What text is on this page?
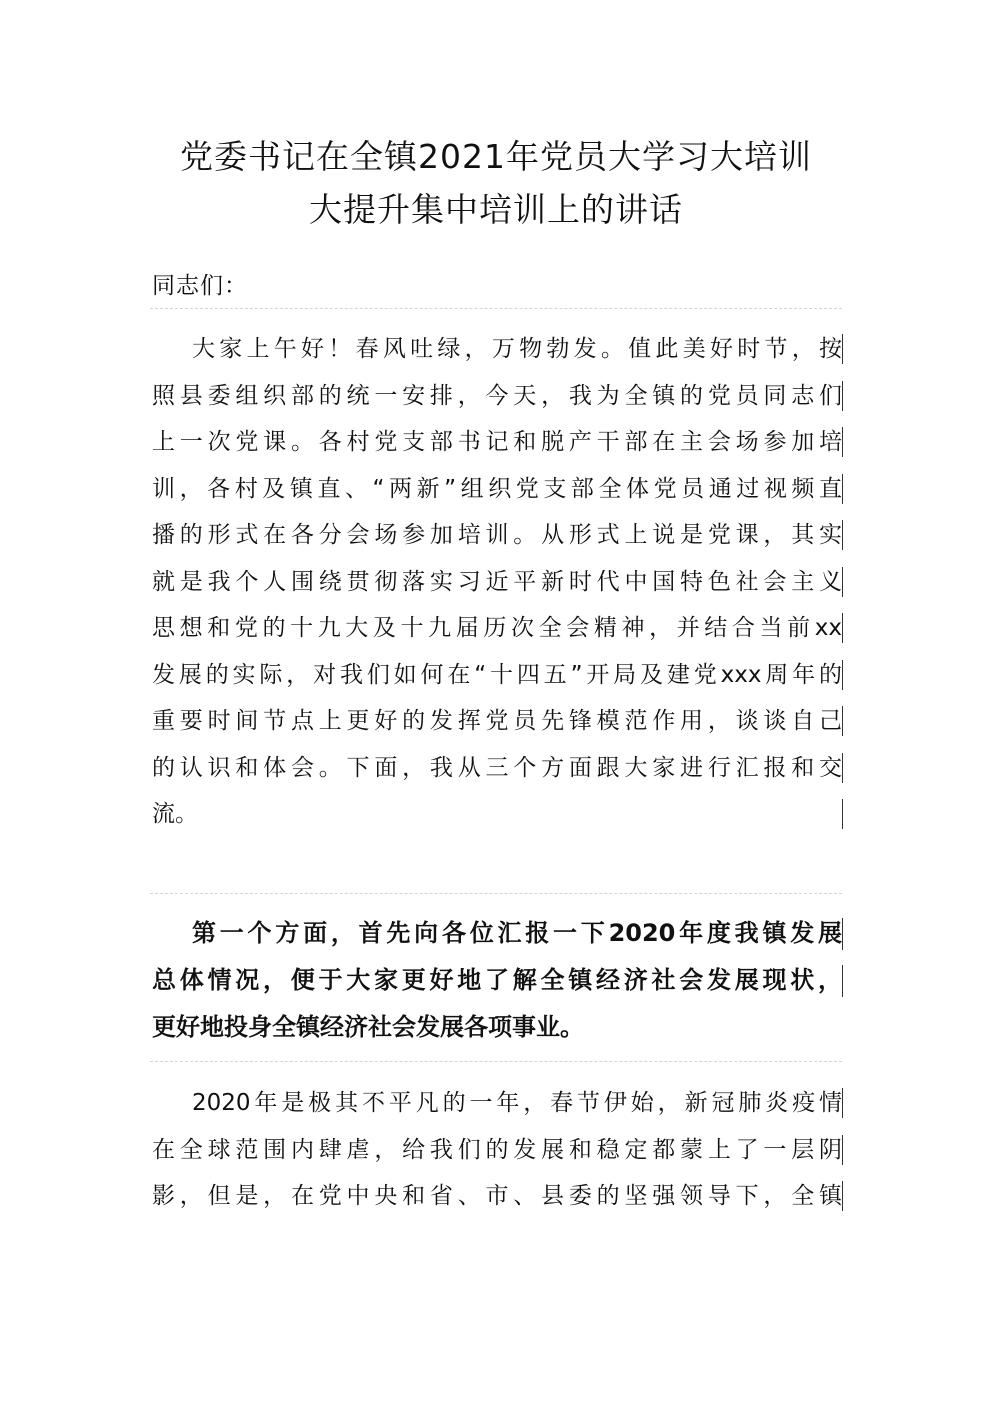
党委书记在全镇2021年党员大学习大培训
大提升集中培训上的讲话
同志们：

大家上午好！春风吐绿，万物勃发。值此美好时节，按
照县委组织部的统一安排，今天，我为全镇的党员同志们
上一次党课。各村党支部书记和脱产干部在主会场参加培
训，各村及镇直、“两新”组织党支部全体党员通过视频直
播的形式在各分会场参加培训。从形式上说是党课，其实
就是我个人围绕贯彻落实习近平新时代中国特色社会主义
思想和党的十九大及十九届历次全会精神，并结合当前xx
发展的实际，对我们如何在“十四五”开局及建党xxx周年的
重要时间节点上更好的发挥党员先锋模范作用，谈谈自己
的认识和体会。下面，我从三个方面跟大家进行汇报和交
流。

第一个方面，首先向各位汇报一下2020年度我镇发展
总体情况，便于大家更好地了解全镇经济社会发展现状，
更好地投身全镇经济社会发展各项事业。

2020年是极其不平凡的一年，春节伊始，新冠肺炎疫情
在全球范围内肆虐，给我们的发展和稳定都蒙上了一层阴
影，但是，在党中央和省、市、县委的坚强领导下，全镇
